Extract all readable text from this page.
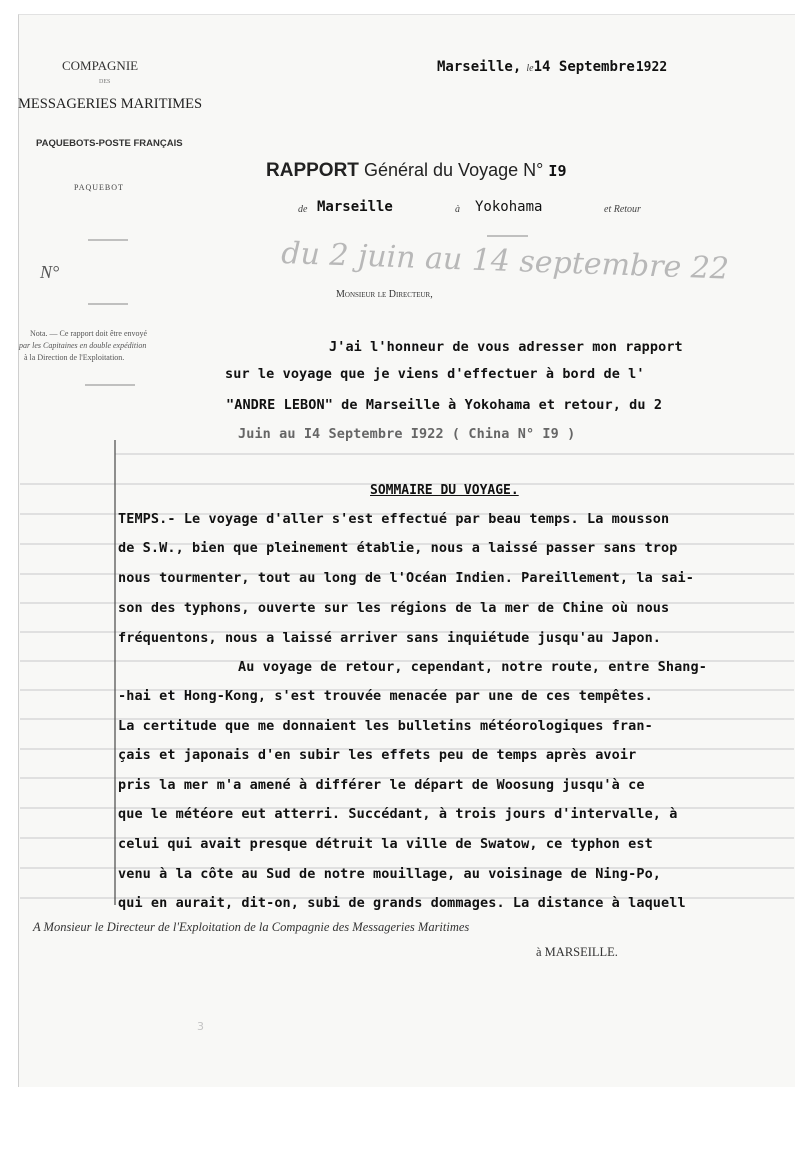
3
COMPAGNIE
DES
MESSAGERIES MARITIMES
PAQUEBOTS-POSTE FRANÇAIS
PAQUEBOT
N°
Nota. — Ce rapport doit être envoyé
par les Capitaines en double expédition
à la Direction de l'Exploitation.
Marseille, le14 Septembre 1922
RAPPORT Général du Voyage N° I9
de Marseille	à Yokohama	et Retour
du 2 juin au 14 septembre 22
Monsieur le Directeur,
J'ai l'honneur de vous adresser mon rapport
sur le voyage que je viens d'effectuer à bord de l'
"ANDRE LEBON" de Marseille à Yokohama et retour, du 2
Juin au I4 Septembre I922 ( China N° I9 )
SOMMAIRE DU VOYAGE.
TEMPS.- Le voyage d'aller s'est effectué par beau temps. La mousson
de S.W., bien que pleinement établie, nous a laissé passer sans trop
nous tourmenter, tout au long de l'Océan Indien. Pareillement, la sai-
son des typhons, ouverte sur les régions de la mer de Chine où nous
fréquentons, nous a laissé arriver sans inquiétude jusqu'au Japon.
Au voyage de retour, cependant, notre route, entre Shang-
-hai et Hong-Kong, s'est trouvée menacée par une de ces tempêtes.
La certitude que me donnaient les bulletins météorologiques fran-
çais et japonais d'en subir les effets peu de temps après avoir
pris la mer m'a amené à différer le départ de Woosung jusqu'à ce
que le météore eut atterri. Succédant, à trois jours d'intervalle, à
celui qui avait presque détruit la ville de Swatow, ce typhon est
venu à la côte au Sud de notre mouillage, au voisinage de Ning-Po,
qui en aurait, dit-on, subi de grands dommages. La distance à laquell
A Monsieur le Directeur de l'Exploitation de la Compagnie des Messageries Maritimes
à MARSEILLE.
